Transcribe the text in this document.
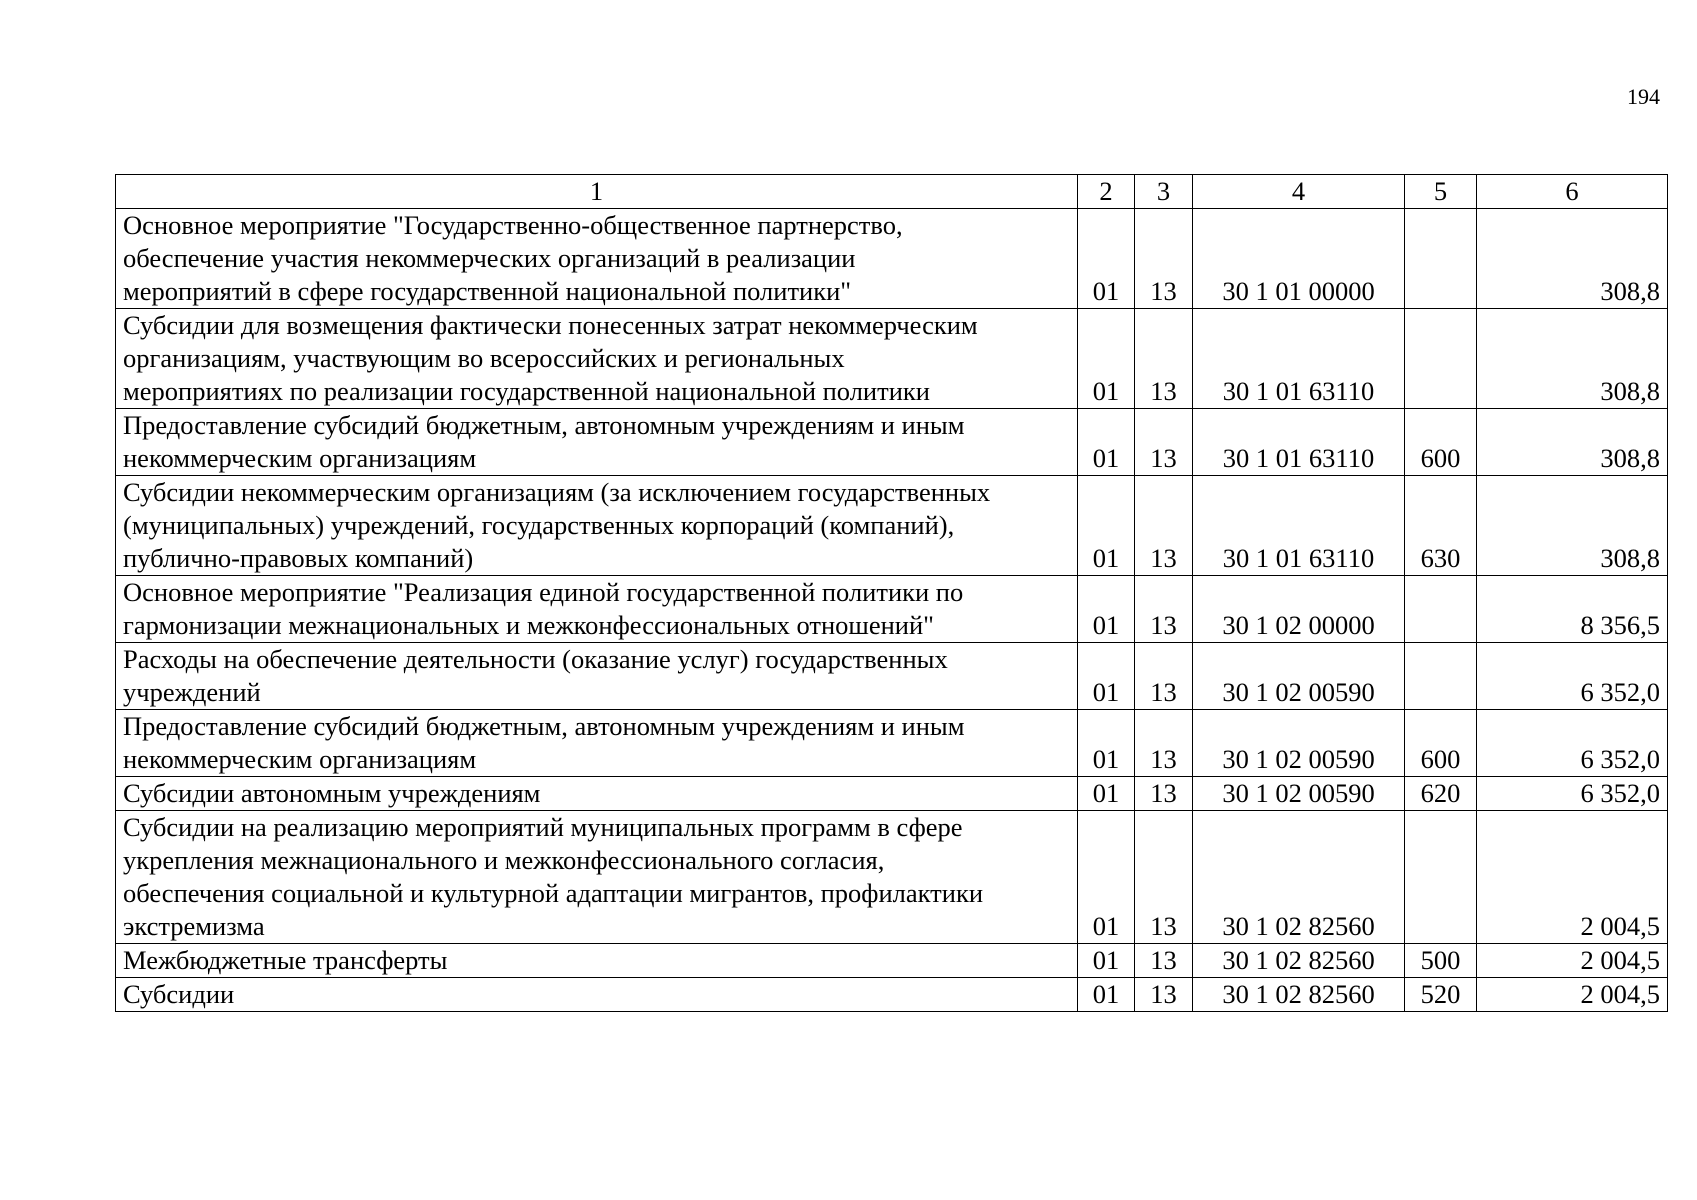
194
1	2	3	4	5	6

Основное мероприятие "Государственно-общественное партнерство,
обеспечение участия некоммерческих организаций в реализации
мероприятий в сфере государственной национальной политики"	01	13	30 1 01 00000		308,8

Субсидии для возмещения фактически понесенных затрат некоммерческим
организациям, участвующим во всероссийских и региональных
мероприятиях по реализации государственной национальной политики	01	13	30 1 01 63110		308,8

Предоставление субсидий бюджетным, автономным учреждениям и иным
некоммерческим организациям	01	13	30 1 01 63110	600	308,8

Субсидии некоммерческим организациям (за исключением государственных
(муниципальных) учреждений, государственных корпораций (компаний),
публично-правовых компаний)	01	13	30 1 01 63110	630	308,8

Основное мероприятие "Реализация единой государственной политики по
гармонизации межнациональных и межконфессиональных отношений"	01	13	30 1 02 00000		8 356,5

Расходы на обеспечение деятельности (оказание услуг) государственных
учреждений	01	13	30 1 02 00590		6 352,0

Предоставление субсидий бюджетным, автономным учреждениям и иным
некоммерческим организациям	01	13	30 1 02 00590	600	6 352,0

Субсидии автономным учреждениям	01	13	30 1 02 00590	620	6 352,0

Субсидии на реализацию мероприятий муниципальных программ в сфере
укрепления межнационального и межконфессионального согласия,
обеспечения социальной и культурной адаптации мигрантов, профилактики
экстремизма	01	13	30 1 02 82560		2 004,5

Межбюджетные трансферты	01	13	30 1 02 82560	500	2 004,5

Субсидии	01	13	30 1 02 82560	520	2 004,5
